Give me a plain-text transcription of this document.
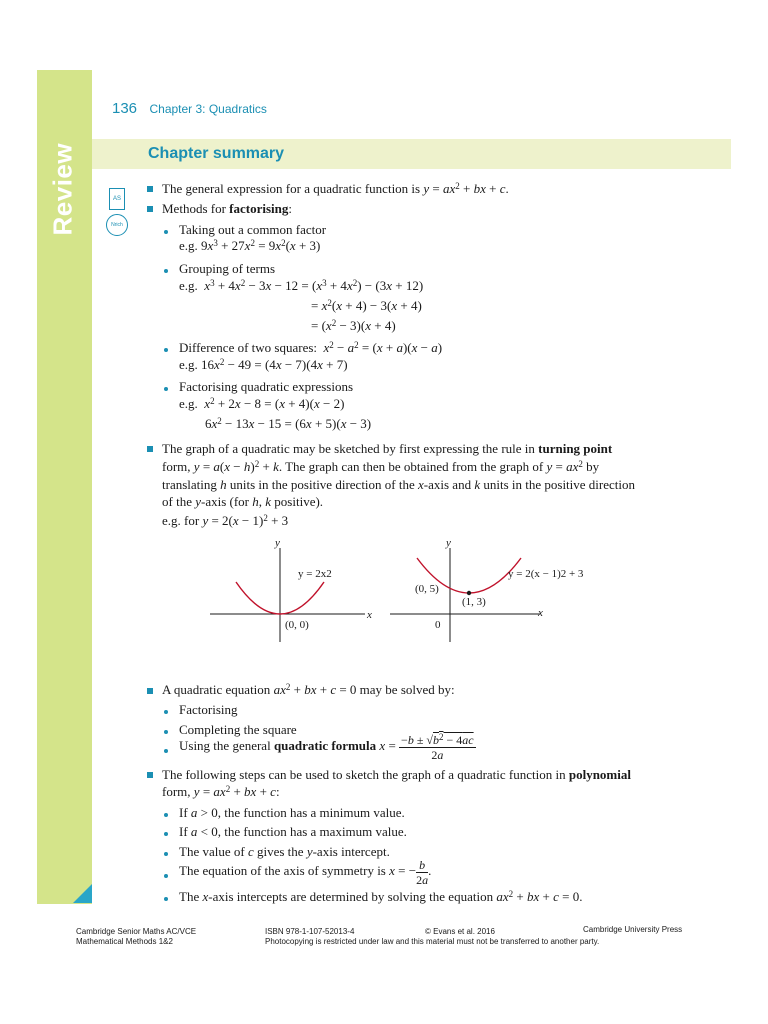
Review
136 Chapter 3: Quadratics
Chapter summary
AS
Nrich
The general expression for a quadratic function is $y = ax^2$ + bx + c.
Methods for factorising:
Taking out a common factor
e.g. $9x^3 + 27x^2 = 9x^2(x + 3)$
Grouping of terms
e.g.  $x^3 + 4x^2 - 3x - 12 = (x^3 + 4x^2) - (3x + 12)$
= $x^2(x + 4) - 3(x + 4)$
= $(x^2 - 3)(x + 4)$
Difference of two squares:  $x^2 - a^2 = (x + a)(x - a)$
e.g. $16x^2 - 49 = (4x - 7)(4x + 7)$
Factorising quadratic expressions
e.g.  $x^2 + 2x - 8 = (x + 4)(x - 2)$
$6x^2 - 13x - 15 = (6x + 5)(x - 3)$
The graph of a quadratic may be sketched by first expressing the rule in turning point
form, $y = a(x - h)^2 + k$. The graph can then be obtained from the graph of $y = ax^2$ by
translating h units in the positive direction of the x-axis and k units in the positive direction
of the y-axis (for h, k positive).
e.g. for $y = 2(x - 1)^2 + 3$
y
x
y = 2x2
(0, 0)
y
x
y = 2(x − 1)2 + 3
(0, 5)
(1, 3)
0
A quadratic equation $ax^2$ + bx + c = 0 may be solved by:
Factorising
Completing the square
Using the general quadratic formula $x = \frac{-b \pm √b^2 - 4ac}{2a}$
The following steps can be used to sketch the graph of a quadratic function in polynomial
form, $y = ax^2$ + bx + c:
If a > 0, the function has a minimum value.
If a < 0, the function has a maximum value.
The value of c gives the y-axis intercept.
The equation of the axis of symmetry is x = − $\frac{b}{2a}$ .
The x-axis intercepts are determined by solving the equation $ax^2$ + bx + c = 0.
Cambridge Senior Maths AC/VCE
Mathematical Methods 1&2
ISBN 978-1-107-52013-4	© Evans et al. 2016	Cambridge University Press
Photocopying is restricted under law and this material must not be transferred to another party.
